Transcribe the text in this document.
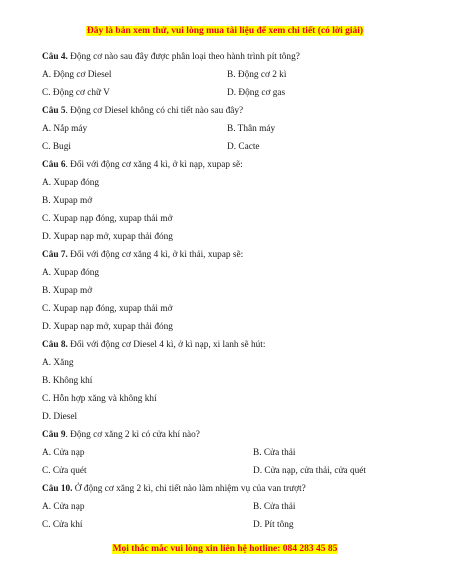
Đây là bản xem thử, vui lòng mua tài liệu để xem chi tiết (có lời giải)
Câu 4. Động cơ nào sau đây được phân loại theo hành trình pít tông?
A. Động cơ Diesel	B. Động cơ 2 kì
C. Động cơ chữ V	D. Động cơ gas
Câu 5. Động cơ Diesel không có chi tiết nào sau đây?
A. Nắp máy	B. Thân máy
C. Bugi	D. Cacte
Câu 6. Đối với động cơ xăng 4 kì, ở kì nạp, xupap sẽ:
A. Xupap đóng
B. Xupap mở
C. Xupap nạp đóng, xupap thải mở
D. Xupap nạp mở, xupap thải đóng
Câu 7. Đối với động cơ xăng 4 kì, ở kì thải, xupap sẽ:
A. Xupap đóng
B. Xupap mở
C. Xupap nạp đóng, xupap thải mở
D. Xupap nạp mở, xupap thải đóng
Câu 8. Đối với động cơ Diesel 4 kì, ở kì nạp, xi lanh sẽ hút:
A. Xăng
B. Không khí
C. Hỗn hợp xăng và không khí
D. Diesel
Câu 9. Động cơ xăng 2 kì có cửa khí nào?
A. Cửa nạp	B. Cửa thải
C. Cửa quét	D. Cửa nạp, cửa thải, cửa quét
Câu 10. Ở động cơ xăng 2 kì, chi tiết nào làm nhiệm vụ của van trượt?
A. Cửa nạp	B. Cửa thải
C. Cửa khí	D. Pít tông
Mọi thắc mắc vui lòng xin liên hệ hotline: 084 283 45 85
